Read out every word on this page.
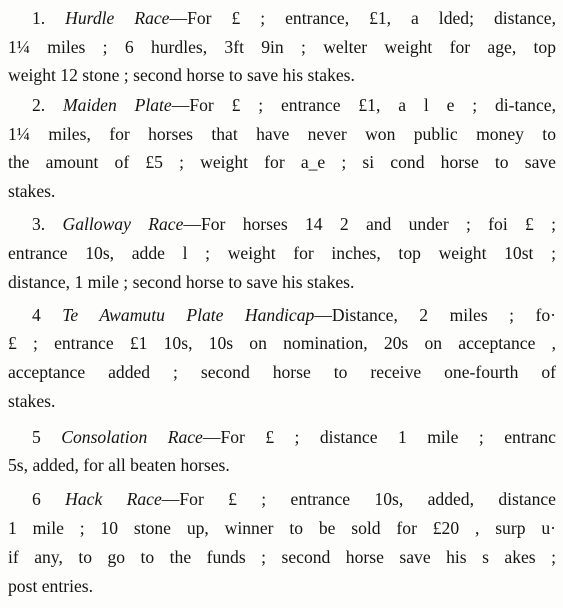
1. Hurdle Race—For £ ; entrance, £1, a lded; distance,
1¼ miles ; 6 hurdles, 3ft 9in ; welter weight for age, top
weight 12 stone ; second horse to save his stakes.
2. Maiden Plate—For £ ; entrance £1, a l e ; di-tance,
1¼ miles, for horses that have never won public money to
the amount of £5 ; weight for a_e ; si cond horse to save
stakes.
3. Galloway Race—For horses 14 2 and under ; foi £ ;
entrance 10s, adde l ; weight for inches, top weight 10st ;
distance, 1 mile ; second horse to save his stakes.
4 Te Awamutu Plate Handicap—Distance, 2 miles ; fo·
£ ; entrance £1 10s, 10s on nomination, 20s on acceptance ,
acceptance added ; second horse to receive one-fourth of
stakes.
5 Consolation Race—For £ ; distance 1 mile ; entranc
5s, added, for all beaten horses.
6 Hack Race—For £ ; entrance 10s, added, distance
1 mile ; 10 stone up, winner to be sold for £20 , surp u·
if any, to go to the funds ; second horse save his s akes ;
post entries.
